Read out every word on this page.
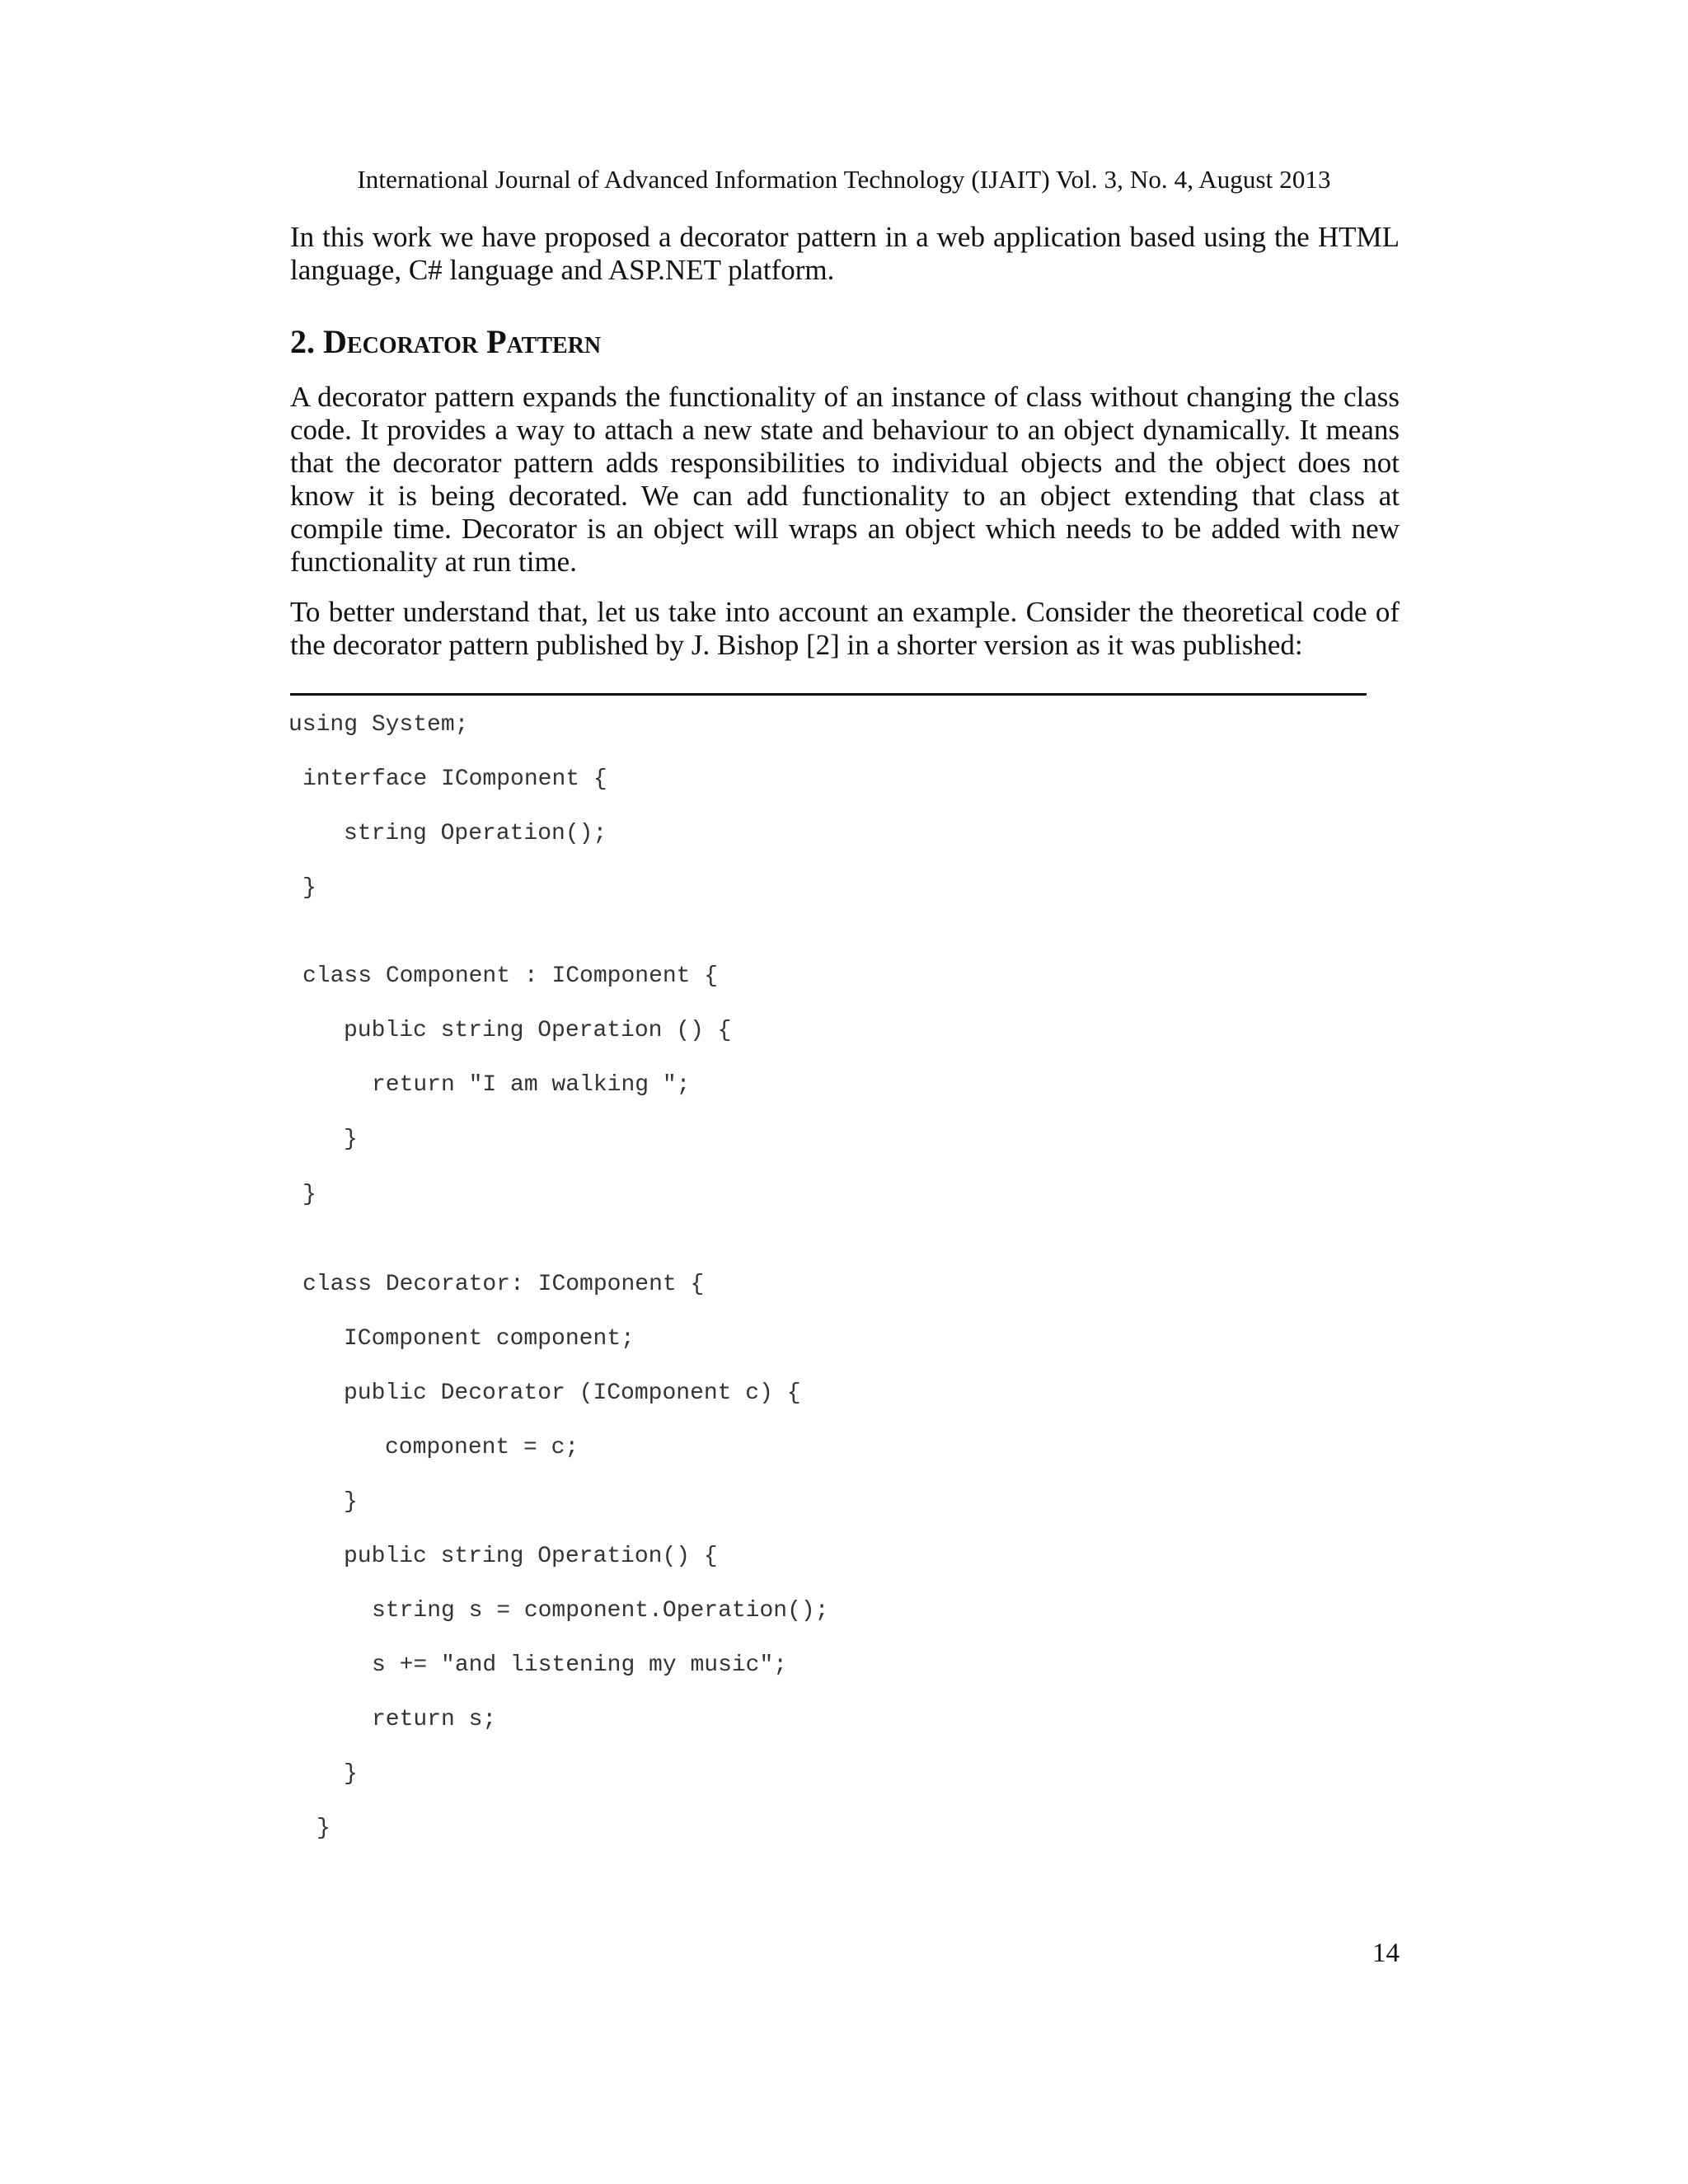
International Journal of Advanced Information Technology (IJAIT) Vol. 3, No. 4, August 2013

In this work we have proposed a decorator pattern in a web application based using the HTML language, C# language and ASP.NET platform.

2. Decorator Pattern

A decorator pattern expands the functionality of an instance of class without changing the class code. It provides a way to attach a new state and behaviour to an object dynamically. It means that the decorator pattern adds responsibilities to individual objects and the object does not know it is being decorated. We can add functionality to an object extending that class at compile time. Decorator is an object will wraps an object which needs to be added with new functionality at run time.

To better understand that, let us take into account an example. Consider the theoretical code of the decorator pattern published by J. Bishop [2] in a shorter version as it was published:

using System;
interface IComponent {
string Operation();
}
class Component : IComponent {
public string Operation () {
return "I am walking ";
}
}
class Decorator: IComponent {
IComponent component;
public Decorator (IComponent c) {
component = c;
}
public string Operation() {
string s = component.Operation();
s += "and listening my music";
return s;
}
}
14
